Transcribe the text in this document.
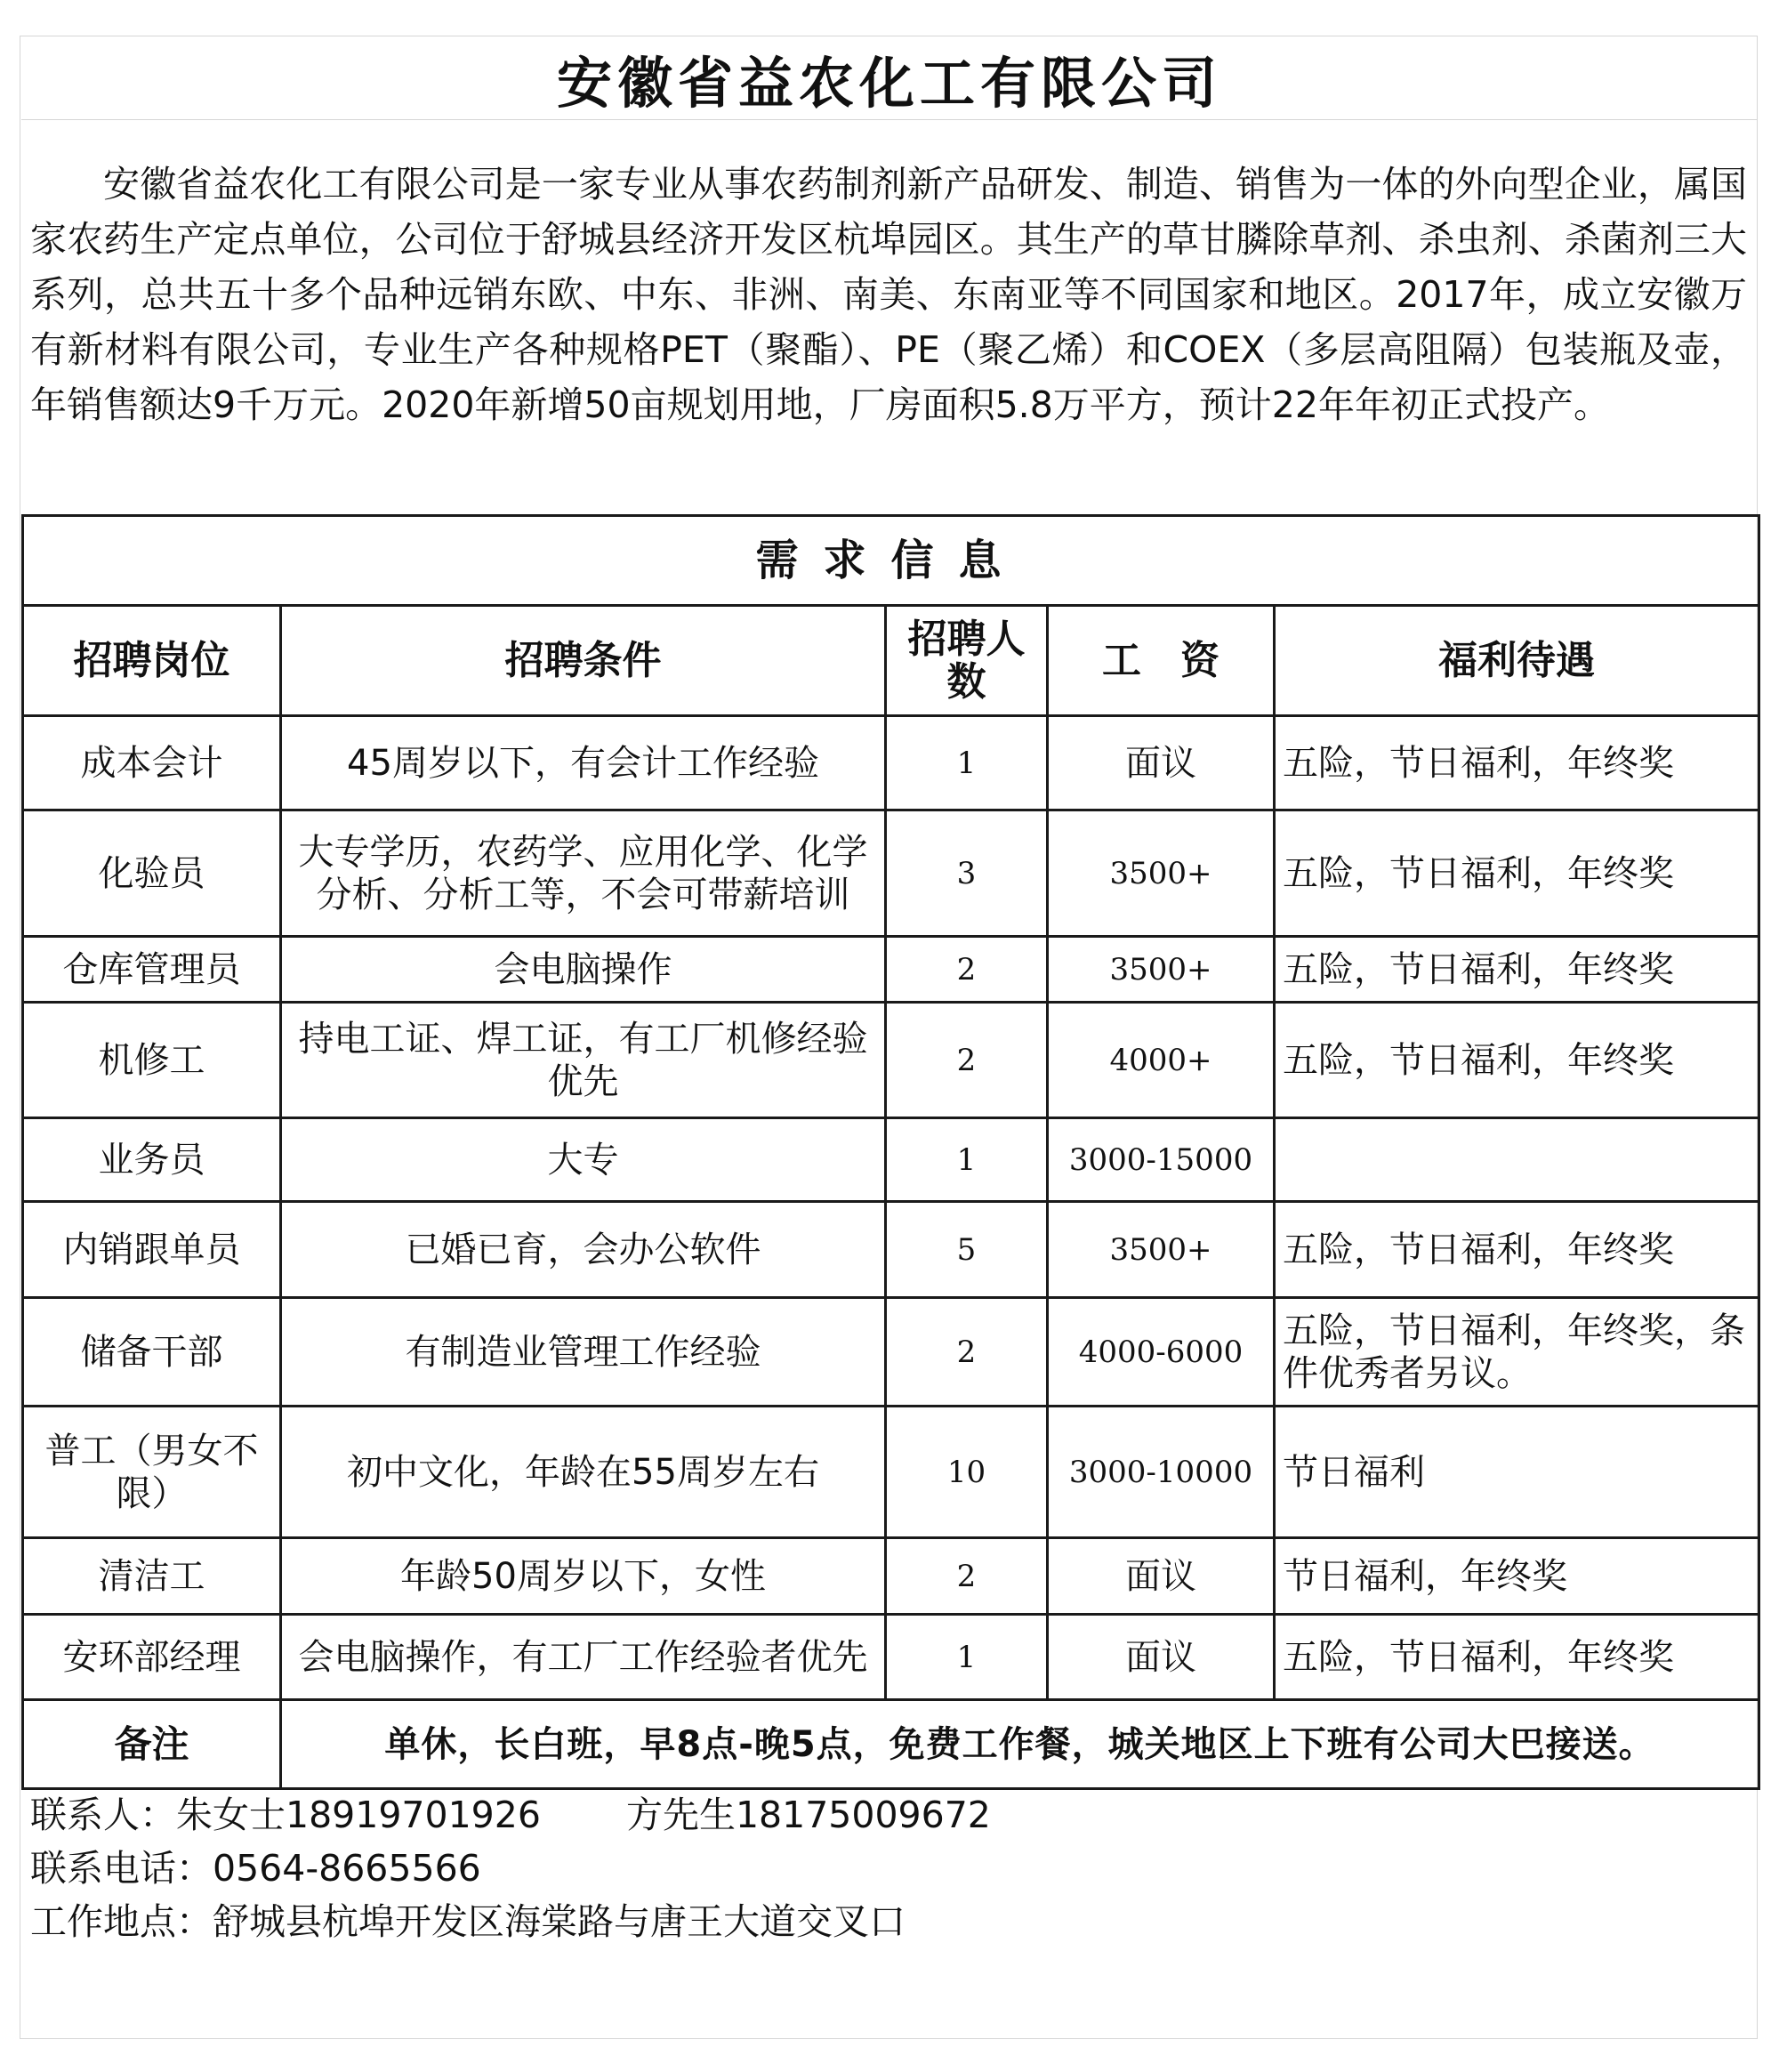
安徽省益农化工有限公司

安徽省益农化工有限公司是一家专业从事农药制剂新产品研发、制造、销售为一体的外向型企业，属国家农药生产定点单位，公司位于舒城县经济开发区杭埠园区。其生产的草甘膦除草剂、杀虫剂、杀菌剂三大系列，总共五十多个品种远销东欧、中东、非洲、南美、东南亚等不同国家和地区。2017年，成立安徽万有新材料有限公司，专业生产各种规格PET（聚酯）、PE（聚乙烯）和COEX（多层高阻隔）包装瓶及壶，年销售额达9千万元。2020年新增50亩规划用地，厂房面积5.8万平方，预计22年年初正式投产。

需求信息				
招聘岗位	招聘条件	招聘人数	工　资	福利待遇
成本会计	45周岁以下，有会计工作经验	1	面议	五险，节日福利，年终奖
化验员	大专学历，农药学、应用化学、化学分析、分析工等，不会可带薪培训	3	3500+	五险，节日福利，年终奖
仓库管理员	会电脑操作	2	3500+	五险，节日福利，年终奖
机修工	持电工证、焊工证，有工厂机修经验优先	2	4000+	五险，节日福利，年终奖
业务员	大专	1	3000-15000	
内销跟单员	已婚已育，会办公软件	5	3500+	五险，节日福利，年终奖
储备干部	有制造业管理工作经验	2	4000-6000	五险，节日福利，年终奖，条件优秀者另议。
普工（男女不限）	初中文化，年龄在55周岁左右	10	3000-10000	节日福利
清洁工	年龄50周岁以下，女性	2	面议	节日福利，年终奖
安环部经理	会电脑操作，有工厂工作经验者优先	1	面议	五险，节日福利，年终奖
备注	单休，长白班，早8点-晚5点，免费工作餐，城关地区上下班有公司大巴接送。			
联系人：朱女士18919701926 方先生18175009672
联系电话：0564-8665566
工作地点：舒城县杭埠开发区海棠路与唐王大道交叉口
